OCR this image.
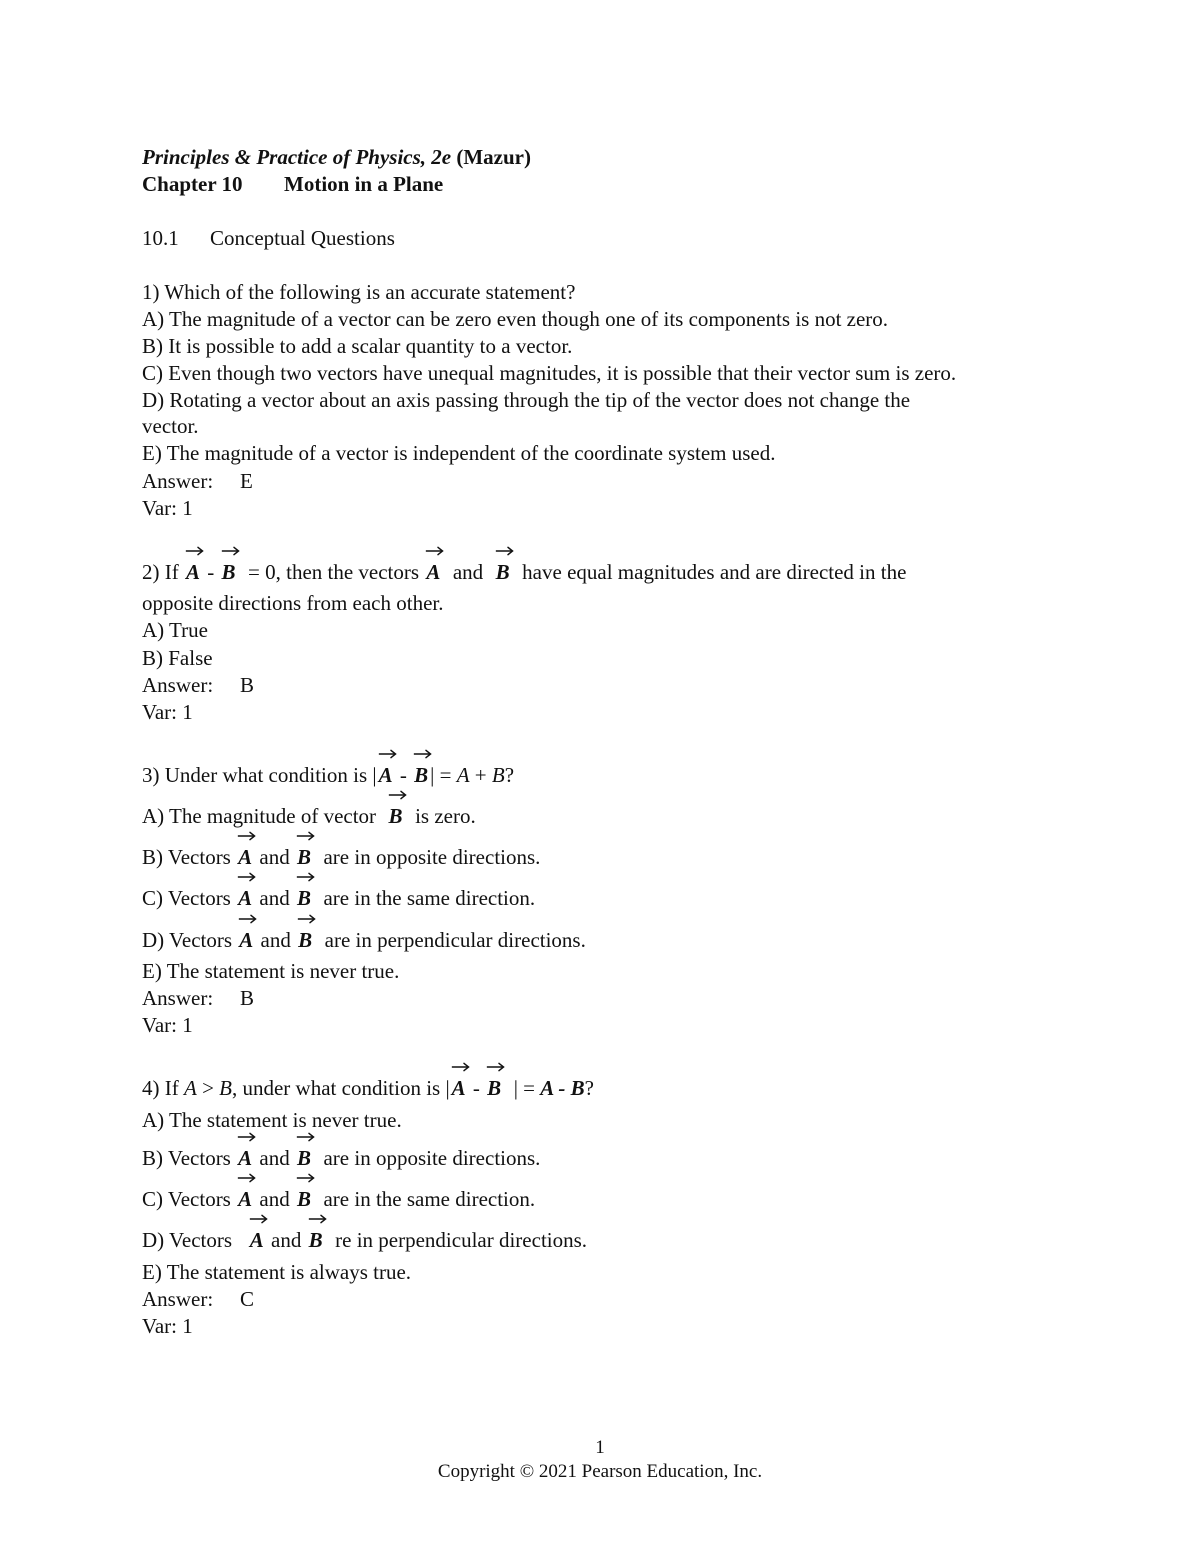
Principles & Practice of Physics, 2e (Mazur)
Chapter 10 Motion in a Plane
10.1 Conceptual Questions
1) Which of the following is an accurate statement?
A) The magnitude of a vector can be zero even though one of its components is not zero.
B) It is possible to add a scalar quantity to a vector.
C) Even though two vectors have unequal magnitudes, it is possible that their vector sum is zero.
D) Rotating a vector about an axis passing through the tip of the vector does not change the
vector.
E) The magnitude of a vector is independent of the coordinate system used.
Answer: E
Var: 1
2) If A - B = 0, then the vectors A and B have equal magnitudes and are directed in the
opposite directions from each other.
A) True
B) False
Answer: B
Var: 1
3) Under what condition is |
A - B| = A + B?
A) The magnitude of vector B is zero.
B) Vectors A and B are in opposite directions.
C) Vectors A and B are in the same direction.
D) Vectors A and B are in perpendicular directions.
E) The statement is never true.
Answer: B
Var: 1
4) If A > B, under what condition is |
A - B | = A - B?
A) The statement is never true.
B) Vectors A and B are in opposite directions.
C) Vectors A and B are in the same direction.
D) Vectors A and B re in perpendicular directions.
E) The statement is always true.
Answer: C
Var: 1
1
Copyright © 2021 Pearson Education, Inc.
